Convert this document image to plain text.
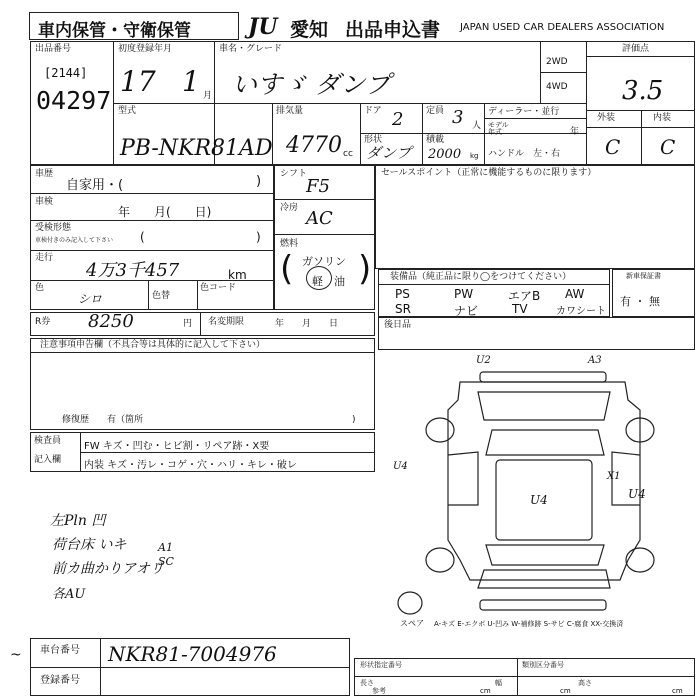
車内保管・守衛保管	JU 愛知 出品申込書 JAPAN USED CAR DEALERS ASSOCIATION
出品番号
[2144]
04297
初度登録年月
17 1 月
車名・グレード
いすゞ ダンプ
2WD
4WD
評価点
3.5
型式
PB-NKR81AD
排気量
4770 cc
ドア 2	定員 3 人
ディーラー・並行
モデル
年式	年
形状
ダンプ
積載
2000 kg ハンドル　左・右
外装	内装
C C
車歴
自家用・(	)
車検
年　　月(　　日)
受検形態
車検付きのみ記入して下さい (	)
走行
4万3千457	km
色
シロ	色替
色コード
シフト
F5
冷房 AC
燃料
ガソリン
軽 油
( )
セールスポイント（正常に機能するものに限ります）
装備品（純正品に限り◯をつけてください）
PS	PW	エアB AW
SR	ナビ	TV	カワシート
新車保証書
有 ・ 無
R券 8250	円 名変期限	年　　月　　日	後日品
注意事項申告欄（不具合等は具体的に記入して下さい）
修復歴　　有（箇所	)
検査員
記入欄
FW キズ・凹む・ヒビ割・リペア跡・X要
内装 キズ・汚レ・コゲ・穴・ハリ・キレ・破レ
左Pln 凹
荷台床 いキ
前カ曲かりアオリ
各AU
A1
SC
U2	A3
U4
X1
U4	U4
スペア A-キズ E-エクボ U-凹み W-補修跡 S-サビ C-腐食 XX-交換済
車台番号 NKR81-7004976
登録番号
~
形状指定番号	類別区分番号
長さ
参考	cm
幅
cm
高さ
cm
